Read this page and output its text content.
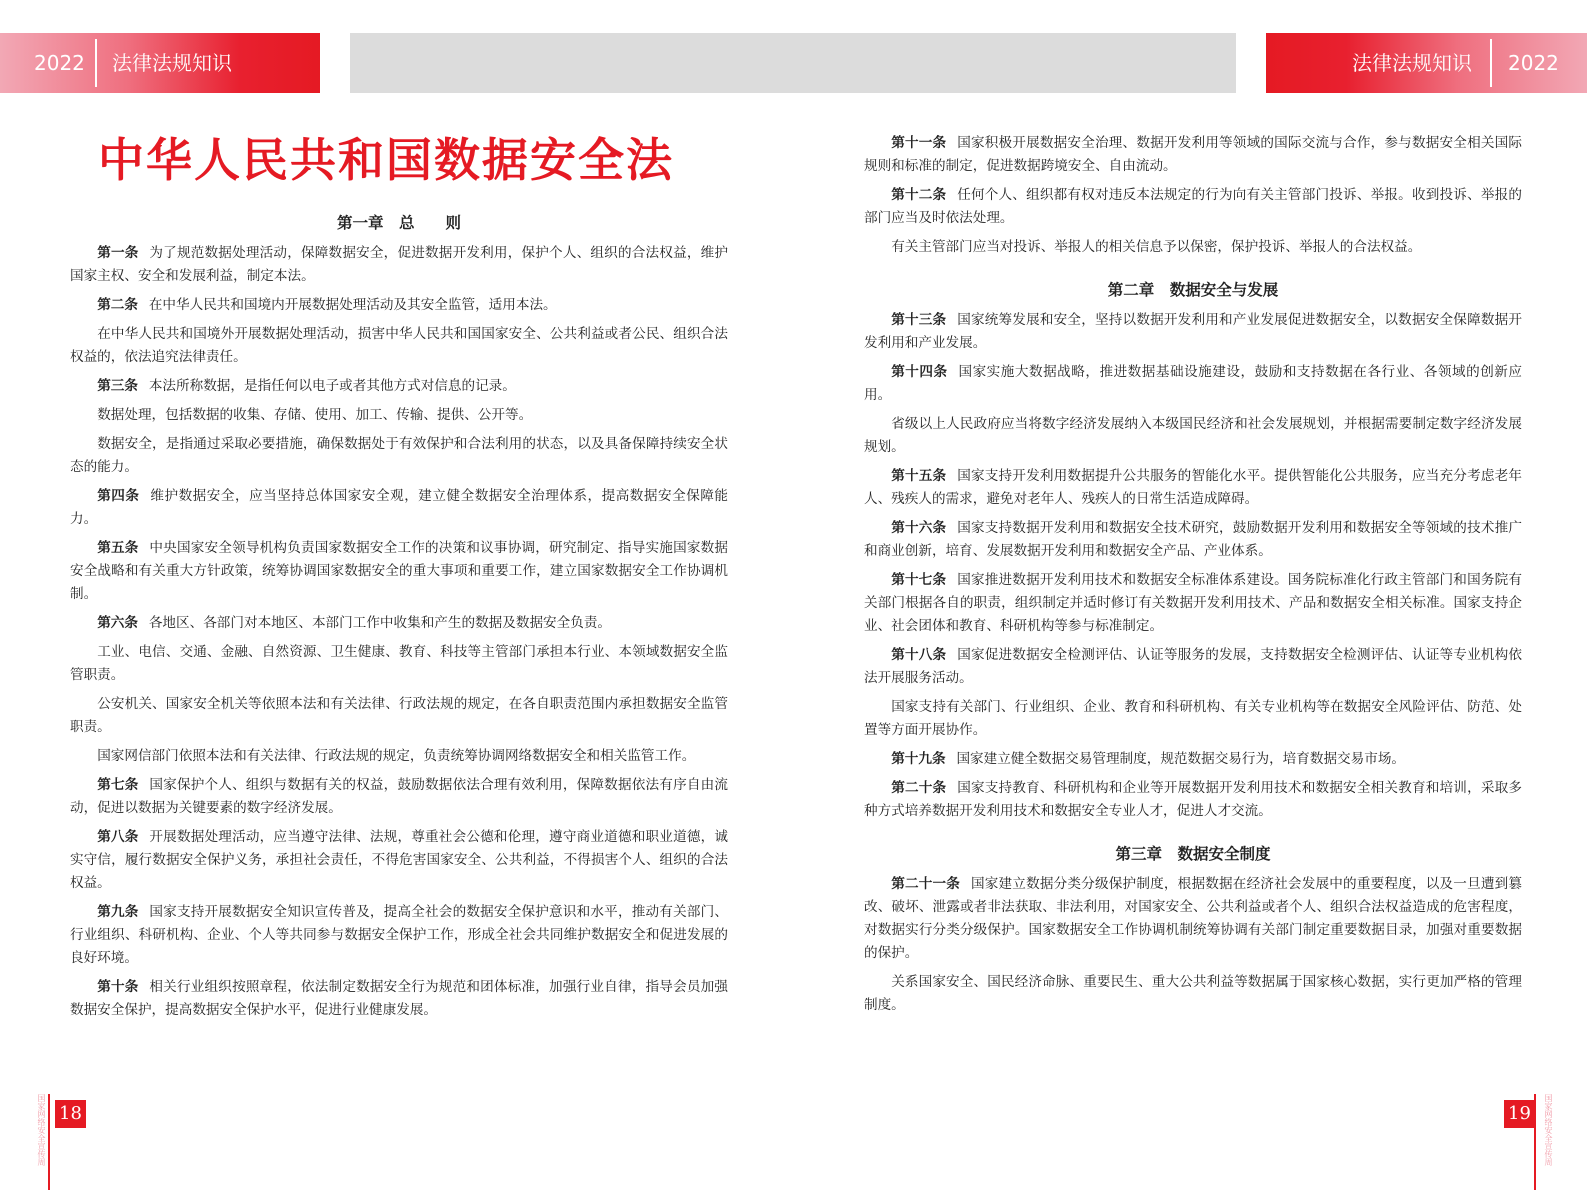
2022 法律法规知识	法律法规知识 2022
中华人民共和国数据安全法
第一章　总　　则

第一条 为了规范数据处理活动，保障数据安全，促进数据开发利用，保护个人、组织的合法权益，维护国家主权、安全和发展利益，制定本法。

第二条 在中华人民共和国境内开展数据处理活动及其安全监管，适用本法。

在中华人民共和国境外开展数据处理活动，损害中华人民共和国国家安全、公共利益或者公民、组织合法权益的，依法追究法律责任。

第三条 本法所称数据，是指任何以电子或者其他方式对信息的记录。

数据处理，包括数据的收集、存储、使用、加工、传输、提供、公开等。

数据安全，是指通过采取必要措施，确保数据处于有效保护和合法利用的状态，以及具备保障持续安全状态的能力。

第四条 维护数据安全，应当坚持总体国家安全观，建立健全数据安全治理体系，提高数据安全保障能力。

第五条 中央国家安全领导机构负责国家数据安全工作的决策和议事协调，研究制定、指导实施国家数据安全战略和有关重大方针政策，统筹协调国家数据安全的重大事项和重要工作，建立国家数据安全工作协调机制。

第六条 各地区、各部门对本地区、本部门工作中收集和产生的数据及数据安全负责。

工业、电信、交通、金融、自然资源、卫生健康、教育、科技等主管部门承担本行业、本领域数据安全监管职责。

公安机关、国家安全机关等依照本法和有关法律、行政法规的规定，在各自职责范围内承担数据安全监管职责。

国家网信部门依照本法和有关法律、行政法规的规定，负责统筹协调网络数据安全和相关监管工作。

第七条 国家保护个人、组织与数据有关的权益，鼓励数据依法合理有效利用，保障数据依法有序自由流动，促进以数据为关键要素的数字经济发展。

第八条 开展数据处理活动，应当遵守法律、法规，尊重社会公德和伦理，遵守商业道德和职业道德，诚实守信，履行数据安全保护义务，承担社会责任，不得危害国家安全、公共利益，不得损害个人、组织的合法权益。

第九条 国家支持开展数据安全知识宣传普及，提高全社会的数据安全保护意识和水平，推动有关部门、行业组织、科研机构、企业、个人等共同参与数据安全保护工作，形成全社会共同维护数据安全和促进发展的良好环境。

第十条 相关行业组织按照章程，依法制定数据安全行为规范和团体标准，加强行业自律，指导会员加强数据安全保护，提高数据安全保护水平，促进行业健康发展。

第十一条 国家积极开展数据安全治理、数据开发利用等领域的国际交流与合作，参与数据安全相关国际规则和标准的制定，促进数据跨境安全、自由流动。

第十二条 任何个人、组织都有权对违反本法规定的行为向有关主管部门投诉、举报。收到投诉、举报的部门应当及时依法处理。

有关主管部门应当对投诉、举报人的相关信息予以保密，保护投诉、举报人的合法权益。

第二章　数据安全与发展

第十三条 国家统筹发展和安全，坚持以数据开发利用和产业发展促进数据安全，以数据安全保障数据开发利用和产业发展。

第十四条 国家实施大数据战略，推进数据基础设施建设，鼓励和支持数据在各行业、各领域的创新应用。

省级以上人民政府应当将数字经济发展纳入本级国民经济和社会发展规划，并根据需要制定数字经济发展规划。

第十五条 国家支持开发利用数据提升公共服务的智能化水平。提供智能化公共服务，应当充分考虑老年人、残疾人的需求，避免对老年人、残疾人的日常生活造成障碍。

第十六条 国家支持数据开发利用和数据安全技术研究，鼓励数据开发利用和数据安全等领域的技术推广和商业创新，培育、发展数据开发利用和数据安全产品、产业体系。

第十七条 国家推进数据开发利用技术和数据安全标准体系建设。国务院标准化行政主管部门和国务院有关部门根据各自的职责，组织制定并适时修订有关数据开发利用技术、产品和数据安全相关标准。国家支持企业、社会团体和教育、科研机构等参与标准制定。

第十八条 国家促进数据安全检测评估、认证等服务的发展，支持数据安全检测评估、认证等专业机构依法开展服务活动。

国家支持有关部门、行业组织、企业、教育和科研机构、有关专业机构等在数据安全风险评估、防范、处置等方面开展协作。

第十九条 国家建立健全数据交易管理制度，规范数据交易行为，培育数据交易市场。

第二十条 国家支持教育、科研机构和企业等开展数据开发利用技术和数据安全相关教育和培训，采取多种方式培养数据开发利用技术和数据安全专业人才，促进人才交流。

第三章　数据安全制度

第二十一条 国家建立数据分类分级保护制度，根据数据在经济社会发展中的重要程度，以及一旦遭到篡改、破坏、泄露或者非法获取、非法利用，对国家安全、公共利益或者个人、组织合法权益造成的危害程度，对数据实行分类分级保护。国家数据安全工作协调机制统筹协调有关部门制定重要数据目录，加强对重要数据的保护。

关系国家安全、国民经济命脉、重要民生、重大公共利益等数据属于国家核心数据，实行更加严格的管理制度。

国家网络安全宣传周 18	19	国家网络安全宣传周
